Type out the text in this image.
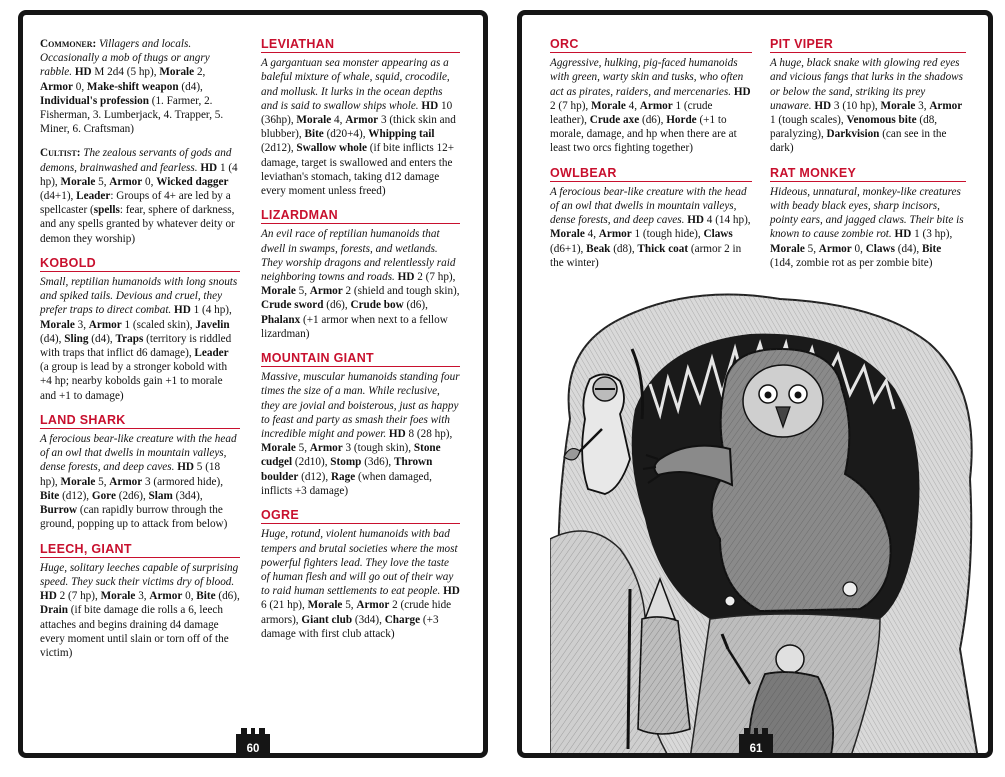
Commoner: Villagers and locals. Occasionally a mob of thugs or angry rabble. HD M 2d4 (5 hp), Morale 2, Armor 0, Make-shift weapon (d4), Individual's profession (1. Farmer, 2. Fisherman, 3. Lumberjack, 4. Trapper, 5. Miner, 6. Craftsman)

Cultist: The zealous servants of gods and demons, brainwashed and fearless. HD 1 (4 hp), Morale 5, Armor 0, Wicked dagger (d4+1), Leader: Groups of 4+ are led by a spellcaster (spells: fear, sphere of darkness, and any spells granted by whatever deity or demon they worship)

KOBOLD

Small, reptilian humanoids with long snouts and spiked tails. Devious and cruel, they prefer traps to direct combat. HD 1 (4 hp), Morale 3, Armor 1 (scaled skin), Javelin (d4), Sling (d4), Traps (territory is riddled with traps that inflict d6 damage), Leader (a group is lead by a stronger kobold with +4 hp; nearby kobolds gain +1 to morale and +1 to damage)

LAND SHARK

A ferocious bear-like creature with the head of an owl that dwells in mountain valleys, dense forests, and deep caves. HD 5 (18 hp), Morale 5, Armor 3 (armored hide), Bite (d12), Gore (2d6), Slam (3d4), Burrow (can rapidly burrow through the ground, popping up to attack from below)

LEECH, GIANT

Huge, solitary leeches capable of surprising speed. They suck their victims dry of blood. HD 2 (7 hp), Morale 3, Armor 0, Bite (d6), Drain (if bite damage die rolls a 6, leech attaches and begins draining d4 damage every moment until slain or torn off of the victim)

LEVIATHAN

A gargantuan sea monster appearing as a baleful mixture of whale, squid, crocodile, and mollusk. It lurks in the ocean depths and is said to swallow ships whole. HD 10 (36hp), Morale 4, Armor 3 (thick skin and blubber), Bite (d20+4), Whipping tail (2d12), Swallow whole (if bite inflicts 12+ damage, target is swallowed and enters the leviathan's stomach, taking d12 damage every moment unless freed)

LIZARDMAN

An evil race of reptilian humanoids that dwell in swamps, forests, and wetlands. They worship dragons and relentlessly raid neighboring towns and roads. HD 2 (7 hp), Morale 5, Armor 2 (shield and tough skin), Crude sword (d6), Crude bow (d6), Phalanx (+1 armor when next to a fellow lizardman)

MOUNTAIN GIANT

Massive, muscular humanoids standing four times the size of a man. While reclusive, they are jovial and boisterous, just as happy to feast and party as smash their foes with incredible might and power. HD 8 (28 hp), Morale 5, Armor 3 (tough skin), Stone cudgel (2d10), Stomp (3d6), Thrown boulder (d12), Rage (when damaged, inflicts +3 damage)

OGRE

Huge, rotund, violent humanoids with bad tempers and brutal societies where the most powerful fighters lead. They love the taste of human flesh and will go out of their way to raid human settlements to eat people. HD 6 (21 hp), Morale 5, Armor 2 (crude hide armors), Giant club (3d4), Charge (+3 damage with first club attack)

60
ORC

Aggressive, hulking, pig-faced humanoids with green, warty skin and tusks, who often act as pirates, raiders, and mercenaries. HD 2 (7 hp), Morale 4, Armor 1 (crude leather), Crude axe (d6), Horde (+1 to morale, damage, and hp when there are at least two orcs fighting together)

OWLBEAR

A ferocious bear-like creature with the head of an owl that dwells in mountain valleys, dense forests, and deep caves. HD 4 (14 hp), Morale 4, Armor 1 (tough hide), Claws (d6+1), Beak (d8), Thick coat (armor 2 in the winter)

PIT VIPER

A huge, black snake with glowing red eyes and vicious fangs that lurks in the shadows or below the sand, striking its prey unaware. HD 3 (10 hp), Morale 3, Armor 1 (tough scales), Venomous bite (d8, paralyzing), Darkvision (can see in the dark)

RAT MONKEY

Hideous, unnatural, monkey-like creatures with beady black eyes, sharp incisors, pointy ears, and jagged claws. Their bite is known to cause zombie rot. HD 1 (3 hp), Morale 5, Armor 0, Claws (d4), Bite (1d4, zombie rot as per zombie bite)

61
